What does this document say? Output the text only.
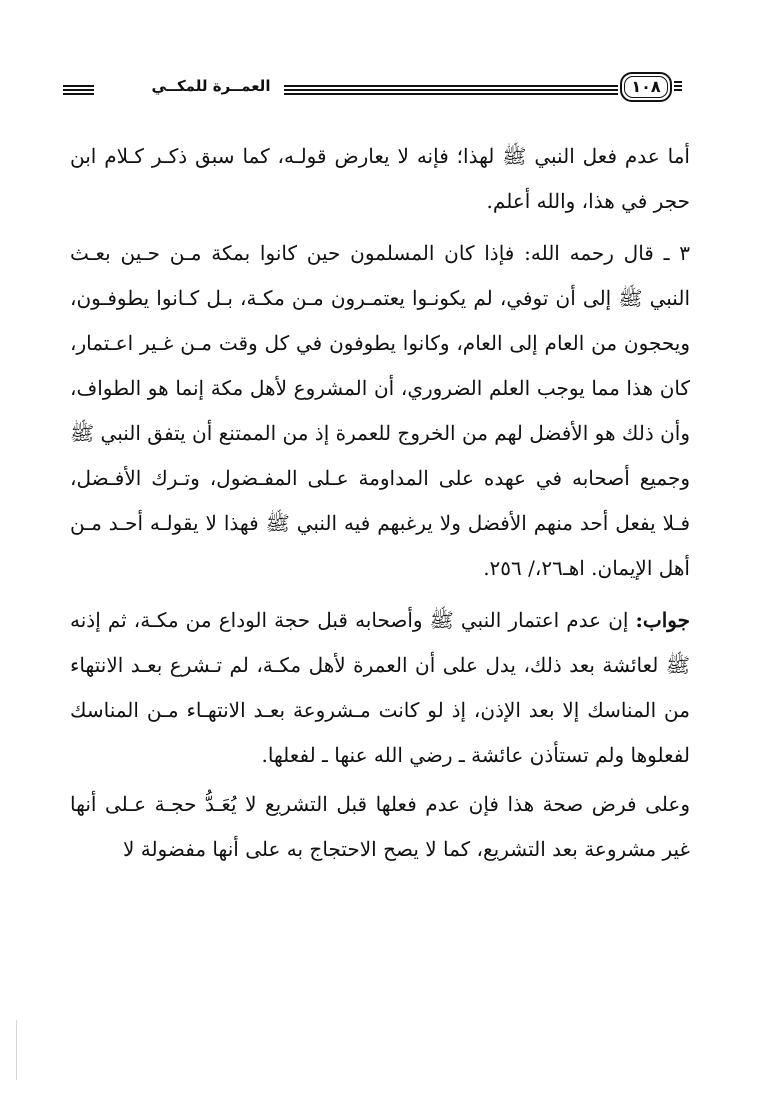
العمــرة للمكــي	١٠٨

أما عدم فعل النبي ﷺ لهذا؛ فإنه لا يعارض قولـه، كما سبق ذكـر كـلام ابن حجر في هذا، والله أعلم.

٣ ـ قال رحمه الله: فإذا كان المسلمون حين كانوا بمكة مـن حـين بعـث النبي ﷺ إلى أن توفي، لم يكونـوا يعتمـرون مـن مكـة، بـل كـانوا يطوفـون، ويحجون من العام إلى العام، وكانوا يطوفون في كل وقت مـن غـير اعـتمار، كان هذا مما يوجب العلم الضروري، أن المشروع لأهل مكة إنما هو الطواف، وأن ذلك هو الأفضل لهم من الخروج للعمرة إذ من الممتنع أن يتفق النبي ﷺ وجميع أصحابه في عهده على المداومة عـلى المفـضول، وتـرك الأفـضل، فـلا يفعل أحد منهم الأفضل ولا يرغبهم فيه النبي ﷺ فهذا لا يقولـه أحـد مـن أهل الإيمان. اهـ٢٦،/ ٢٥٦.

جواب: إن عدم اعتمار النبي ﷺ وأصحابه قبل حجة الوداع من مكـة، ثم إذنه ﷺ لعائشة بعد ذلك، يدل على أن العمرة لأهل مكـة، لم تـشرع بعـد الانتهاء من المناسك إلا بعد الإذن، إذ لو كانت مـشروعة بعـد الانتهـاء مـن المناسك لفعلوها ولم تستأذن عائشة ـ رضي الله عنها ـ لفعلها.

وعلى فرض صحة هذا فإن عدم فعلها قبل التشريع لا يُعَـدُّ حجـة عـلى أنها غير مشروعة بعد التشريع، كما لا يصح الاحتجاج به على أنها مفضولة لا
